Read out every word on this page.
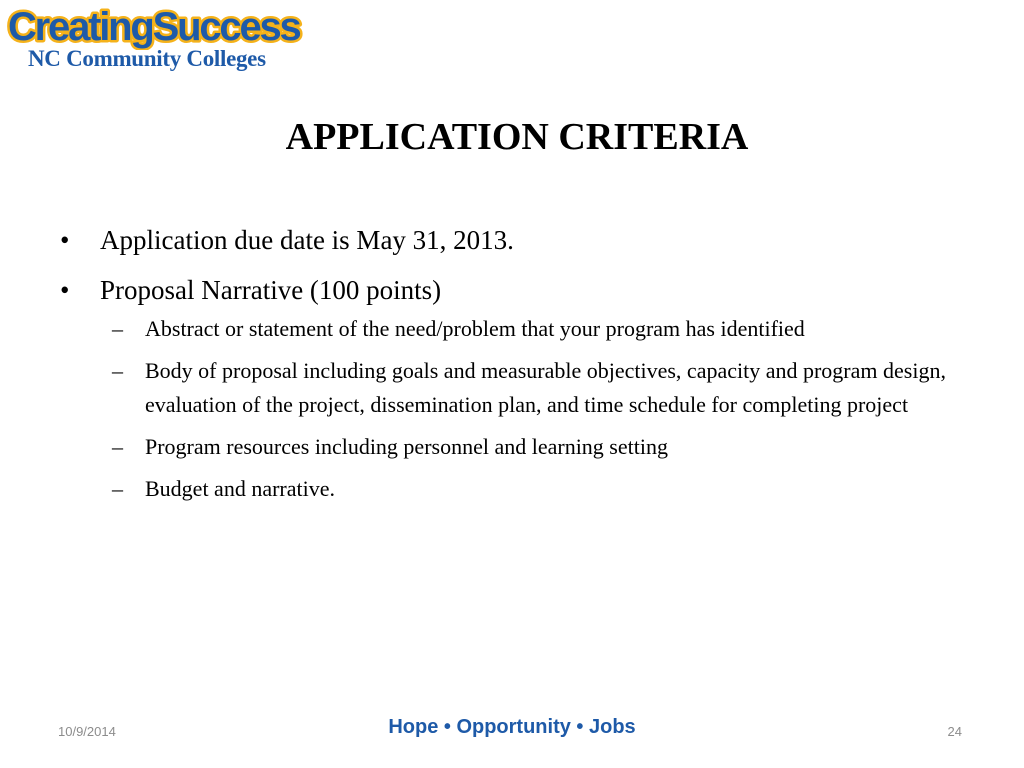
CreatingSuccess
NC Community Colleges
APPLICATION CRITERIA
• Application due date is May 31, 2013.
• Proposal Narrative (100 points)
– Abstract or statement of the need/problem that your program has identified
– Body of proposal including goals and measurable objectives, capacity and program design, evaluation of the project, dissemination plan, and time schedule for completing project
– Program resources including personnel and learning setting
– Budget and narrative.
10/9/2014	Hope • Opportunity • Jobs	24
